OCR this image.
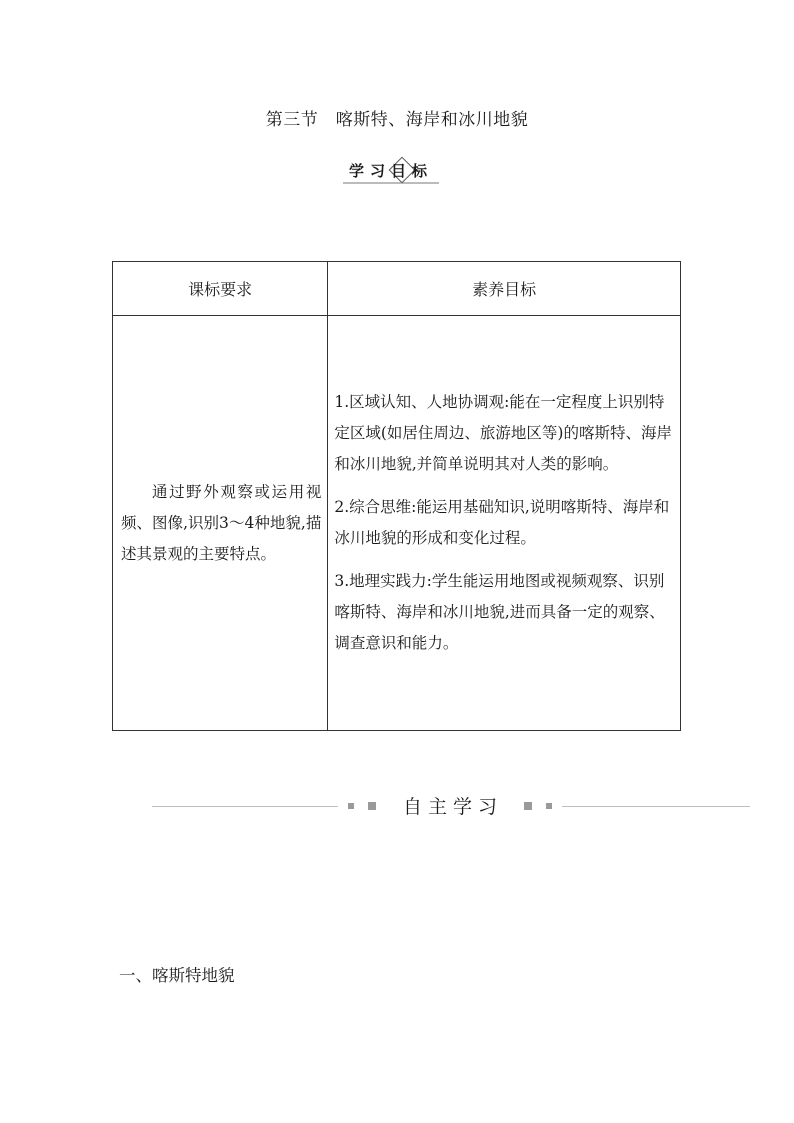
第三节　喀斯特、海岸和冰川地貌
学习目标
课标要求	素养目标

通过野外观察或运用视频、图像,识别3～4种地貌,描述其景观的主要特点。	1.区域认知、人地协调观:能在一定程度上识别特定区域(如居住周边、旅游地区等)的喀斯特、海岸和冰川地貌,并简单说明其对人类的影响。
2.综合思维:能运用基础知识,说明喀斯特、海岸和冰川地貌的形成和变化过程。
3.地理实践力:学生能运用地图或视频观察、识别喀斯特、海岸和冰川地貌,进而具备一定的观察、调查意识和能力。
自主学习
一、喀斯特地貌
